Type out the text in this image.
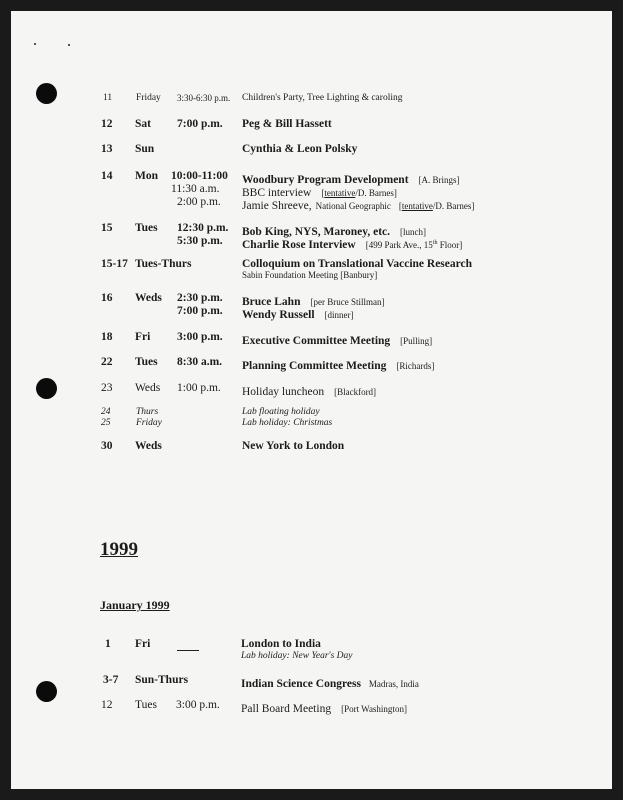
11	Friday 3:30-6:30 p.m. Children's Party, Tree Lighting & caroling
12 Sat 7:00 p.m. Peg & Bill Hassett
13 Sun	Cynthia & Leon Polsky
14 Mon 10:00-11:00 Woodbury Program Development [A. Brings]
11:30 a.m. BBC interview [tentative/D. Barnes]
2:00 p.m. Jamie Shreeve, National Geographic [tentative/D. Barnes]
15 Tues 12:30 p.m. Bob King, NYS, Maroney, etc. [lunch]
5:30 p.m. Charlie Rose Interview [499 Park Ave., 15th Floor]
15-17 Tues-Thurs	Colloquium on Translational Vaccine Research
Sabin Foundation Meeting [Banbury]
16 Weds 2:30 p.m. Bruce Lahn [per Bruce Stillman]
7:00 p.m. Wendy Russell [dinner]
18 Fri 3:00 p.m. Executive Committee Meeting [Pulling]
22 Tues 8:30 a.m. Planning Committee Meeting [Richards]
23 Weds 1:00 p.m. Holiday luncheon [Blackford]
24	Thurs	Lab floating holiday
25	Friday	Lab holiday: Christmas
30 Weds	New York to London
1999
January 1999
1 Fri	London to India
Lab holiday: New Year's Day
3-7 Sun-Thurs	Indian Science Congress Madras, India
12 Tues 3:00 p.m. Pall Board Meeting [Port Washington]
